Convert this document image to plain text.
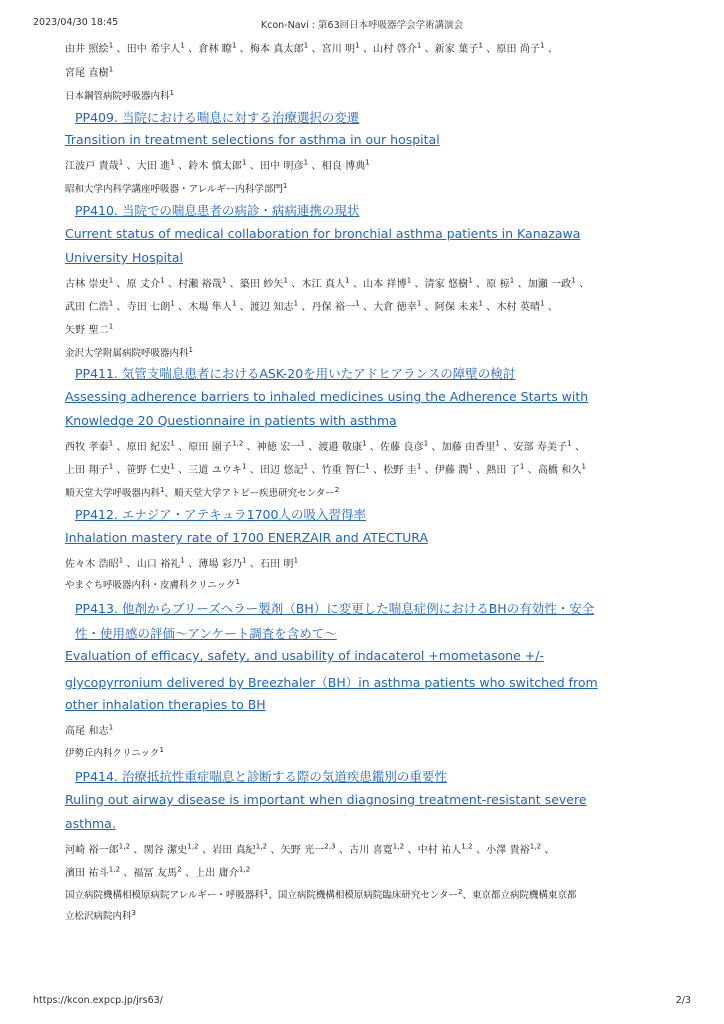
2023/04/30 18:45	Kcon-Navi : 第63回日本呼吸器学会学術講演会
由井 照絵$^1$ 、田中 希宇人$^1$ 、倉林 瞭$^1$ 、梅本 真太郎$^1$ 、宮川 明$^1$ 、山村 啓介$^1$ 、新家 葉子$^1$ 、原田 尚子$^1$ 、
宮尾 直樹$^1$
日本鋼管病院呼吸器内科$^1$
PP409. 当院における喘息に対する治療選択の変遷
Transition in treatment selections for asthma in our hospital
江波戸 貴哉$^1$ 、大田 進$^1$ 、鈴木 慎太郎$^1$ 、田中 明彦$^1$ 、相良 博典$^1$
昭和大学内科学講座呼吸器・アレルギー内科学部門$^1$
PP410. 当院での喘息患者の病診・病病連携の現状
Current status of medical collaboration for bronchial asthma patients in Kanazawa
University Hospital
古林 崇史$^1$ 、原 丈介$^1$ 、村瀬 裕哉$^1$ 、築田 紗矢$^1$ 、木江 真人$^1$ 、山本 祥博$^1$ 、清家 悠樹$^1$ 、原 椋$^1$ 、加瀬 一政$^1$ 、
武田 仁浩$^1$ 、寺田 七朗$^1$ 、木場 隼人$^1$ 、渡辺 知志$^1$ 、丹保 裕一$^1$ 、大倉 徳幸$^1$ 、阿保 未来$^1$ 、木村 英晴$^1$ 、
矢野 聖二$^1$
金沢大学附属病院呼吸器内科$^1$
PP411. 気管支喘息患者におけるASK-20を用いたアドヒアランスの障壁の検討
Assessing adherence barriers to inhaled medicines using the Adherence Starts with
Knowledge 20 Questionnaire in patients with asthma
西牧 孝泰$^1$ 、原田 紀宏$^1$ 、原田 園子$^{1,2}$ 、神徳 宏一$^1$ 、渡邉 敬康$^1$ 、佐藤 良彦$^1$ 、加藤 由香里$^1$ 、安部 寿美子$^1$ 、
上田 翔子$^1$ 、笹野 仁史$^1$ 、三道 ユウキ$^1$ 、田辺 悠記$^1$ 、竹重 智仁$^1$ 、松野 圭$^1$ 、伊藤 潤$^1$ 、熱田 了$^1$ 、高橋 和久$^1$
順天堂大学呼吸器内科$^1$、順天堂大学アトピー疾患研究センター$^2$
PP412. エナジア・アテキュラ1700人の吸入習得率
Inhalation mastery rate of 1700 ENERZAIR and ATECTURA
佐々木 浩昭$^1$ 、山口 裕礼$^1$ 、薄場 彩乃$^1$ 、石田 明$^1$
やまぐち呼吸器内科・皮膚科クリニック$^1$
PP413. 他剤からブリーズヘラー製剤（BH）に変更した喘息症例におけるBHの有効性・安全
性・使用感の評価～アンケート調査を含めて～
Evaluation of efficacy, safety, and usability of indacaterol +mometasone +/-
glycopyrronium delivered by Breezhaler（BH）in asthma patients who switched from
other inhalation therapies to BH
高尾 和志$^1$
伊勢丘内科クリニック$^1$
PP414. 治療抵抗性重症喘息と診断する際の気道疾患鑑別の重要性
Ruling out airway disease is important when diagnosing treatment-resistant severe
asthma.
河崎 裕一郎$^{1,2}$ 、関谷 潔史$^{1,2}$ 、岩田 真紀$^{1,2}$ 、矢野 光一$^{2,3}$ 、古川 喜寛$^{1,2}$ 、中村 祐人$^{1,2}$ 、小澤 貴裕$^{1,2}$ 、
濱田 祐斗$^{1,2}$ 、福冨 友馬$^2$ 、上出 庸介$^{1,2}$
国立病院機構相模原病院アレルギー・呼吸器科$^1$、国立病院機構相模原病院臨床研究センター$^2$、東京都立病院機構東京都
立松沢病院内科$^3$
https://kcon.expcp.jp/jrs63/	2/3
